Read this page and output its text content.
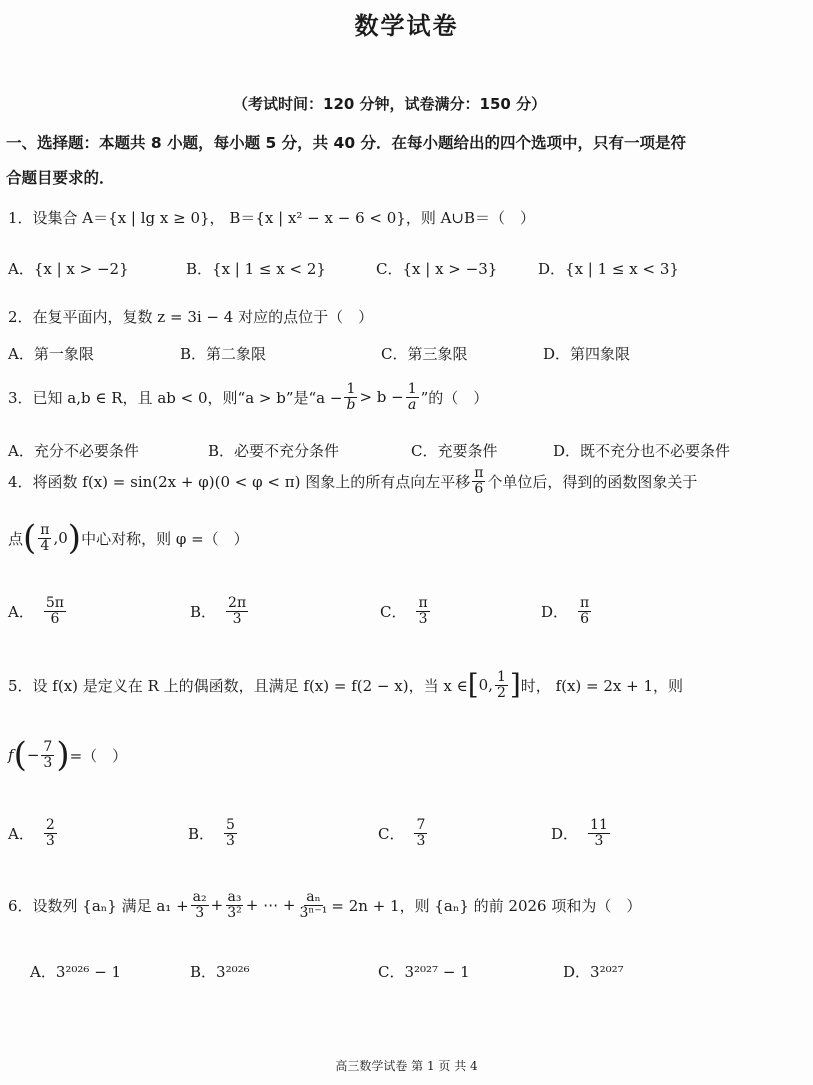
数学试卷
（考试时间：120 分钟，试卷满分：150 分）
一、选择题：本题共 8 小题，每小题 5 分，共 40 分．在每小题给出的四个选项中，只有一项是符
合题目要求的．
1．设集合 A＝{x | lg x ≥ 0}， B＝{x | x² − x − 6 < 0}，则 A∪B＝（　）
A．{x | x > −2}	B．{x | 1 ≤ x < 2}	C．{x | x > −3}	D．{x | 1 ≤ x < 3}
2．在复平面内，复数 z = 3i − 4 对应的点位于（　）
A．第一象限	B．第二象限	C．第三象限	D．第四象限
3．已知 a,b ∈ R，且 ab < 0，则“a > b”是“$a - \frac{1}{b} > b - \frac{1}{a}$ ”的（　）
A．充分不必要条件	B．必要不充分条件	C．充要条件	D．既不充分也不必要条件
4．将函数 f(x) = sin(2x + φ)(0 < φ < π) 图象上的所有点向左平移 $\frac{\pi}{6}$ 个单位后，得到的函数图象关于
点 ( $\frac{\pi}{4} ,0$ ) 中心对称，则 φ =（　）
A． $\frac{5\pi}{6}$	B． $\frac{2\pi}{3}$	C． $\frac{\pi}{3}$	D． $\frac{\pi}{6}$
5．设 f(x) 是定义在 R 上的偶函数，且满足 f(x) = f(2 − x)，当 x ∈ [ 0, $\frac{1}{2}$ ] 时， f(x) = 2x + 1，则
f ( − $\frac{7}{3}$ ) =（　）
A． $\frac{2}{3}$	B． $\frac{5}{3}$	C． $\frac{7}{3}$	D． $\frac{11}{3}$
6．设数列 {aₙ} 满足 $a_1 + \frac{\text{a₂}}{3} + \frac{\text{a₃}}{\text{3²}}$ + ⋯ + $\frac{\text{aₙ}}{\text{3ⁿ⁻¹}} = 2n + 1$，则 {aₙ} 的前 2026 项和为（　）
A．3²⁰²⁶ − 1	B．3²⁰²⁶	C．3²⁰²⁷ − 1	D．3²⁰²⁷
高三数学试卷 第 1 页 共 4
